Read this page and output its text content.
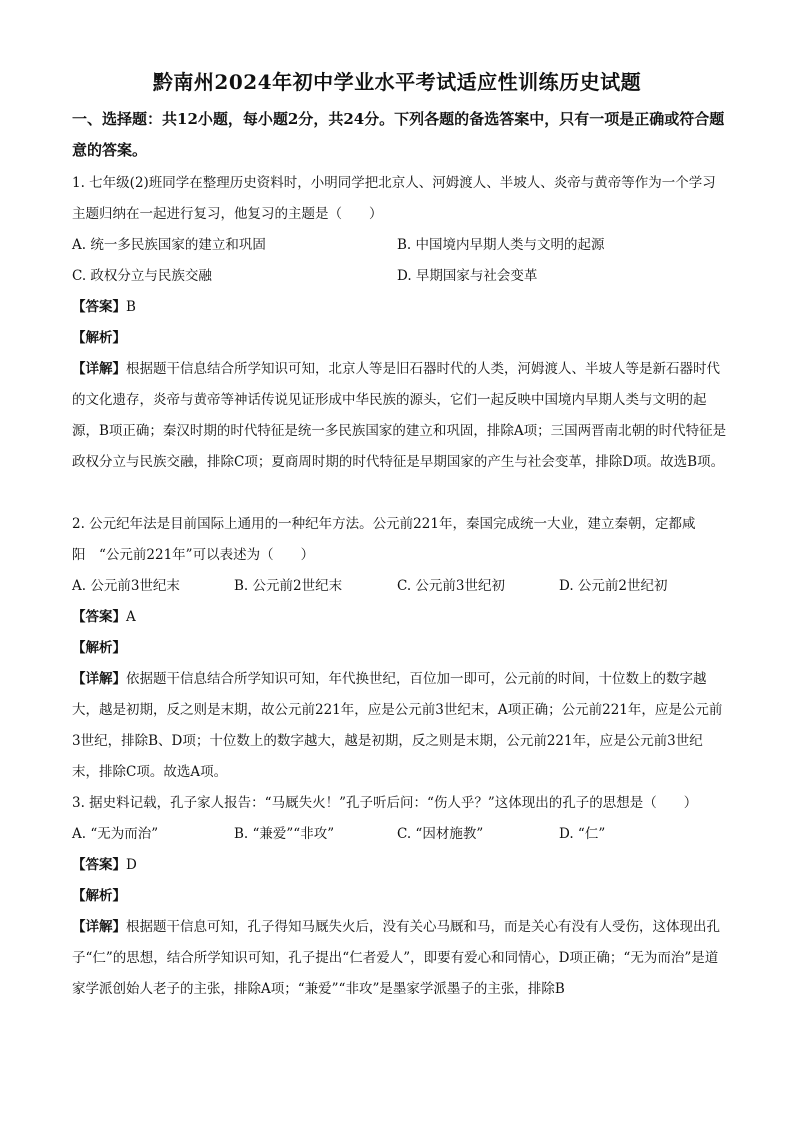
黔南州2024年初中学业水平考试适应性训练历史试题
一、选择题：共12小题，每小题2分，共24分。下列各题的备选答案中，只有一项是正确或符合题意的答案。
1. 七年级(2)班同学在整理历史资料时，小明同学把北京人、河姆渡人、半坡人、炎帝与黄帝等作为一个学习主题归纳在一起进行复习，他复习的主题是（　　）
A. 统一多民族国家的建立和巩固	B. 中国境内早期人类与文明的起源
C. 政权分立与民族交融	D. 早期国家与社会变革
【答案】B
【解析】
【详解】根据题干信息结合所学知识可知，北京人等是旧石器时代的人类，河姆渡人、半坡人等是新石器时代的文化遗存，炎帝与黄帝等神话传说见证形成中华民族的源头，它们一起反映中国境内早期人类与文明的起源，B项正确；秦汉时期的时代特征是统一多民族国家的建立和巩固，排除A项；三国两晋南北朝的时代特征是政权分立与民族交融，排除C项；夏商周时期的时代特征是早期国家的产生与社会变革，排除D项。故选B项。
2. 公元纪年法是目前国际上通用的一种纪年方法。公元前221年，秦国完成统一大业，建立秦朝，定都咸阳　“公元前221年”可以表述为（　　）
A. 公元前3世纪末	B. 公元前2世纪末	C. 公元前3世纪初	D. 公元前2世纪初
【答案】A
【解析】
【详解】依据题干信息结合所学知识可知，年代换世纪，百位加一即可，公元前的时间，十位数上的数字越大，越是初期，反之则是末期，故公元前221年，应是公元前3世纪末，A项正确；公元前221年，应是公元前3世纪，排除B、D项；十位数上的数字越大，越是初期，反之则是末期，公元前221年，应是公元前3世纪末，排除C项。故选A项。
3. 据史料记载，孔子家人报告：“马厩失火！”孔子听后问：“伤人乎？”这体现出的孔子的思想是（　　）
A. “无为而治”	B. “兼爱”“非攻”	C. “因材施教”	D. “仁”
【答案】D
【解析】
【详解】根据题干信息可知，孔子得知马厩失火后，没有关心马厩和马，而是关心有没有人受伤，这体现出孔子“仁”的思想，结合所学知识可知，孔子提出“仁者爱人”，即要有爱心和同情心，D项正确；“无为而治”是道家学派创始人老子的主张，排除A项；“兼爱”“非攻”是墨家学派墨子的主张，排除B
